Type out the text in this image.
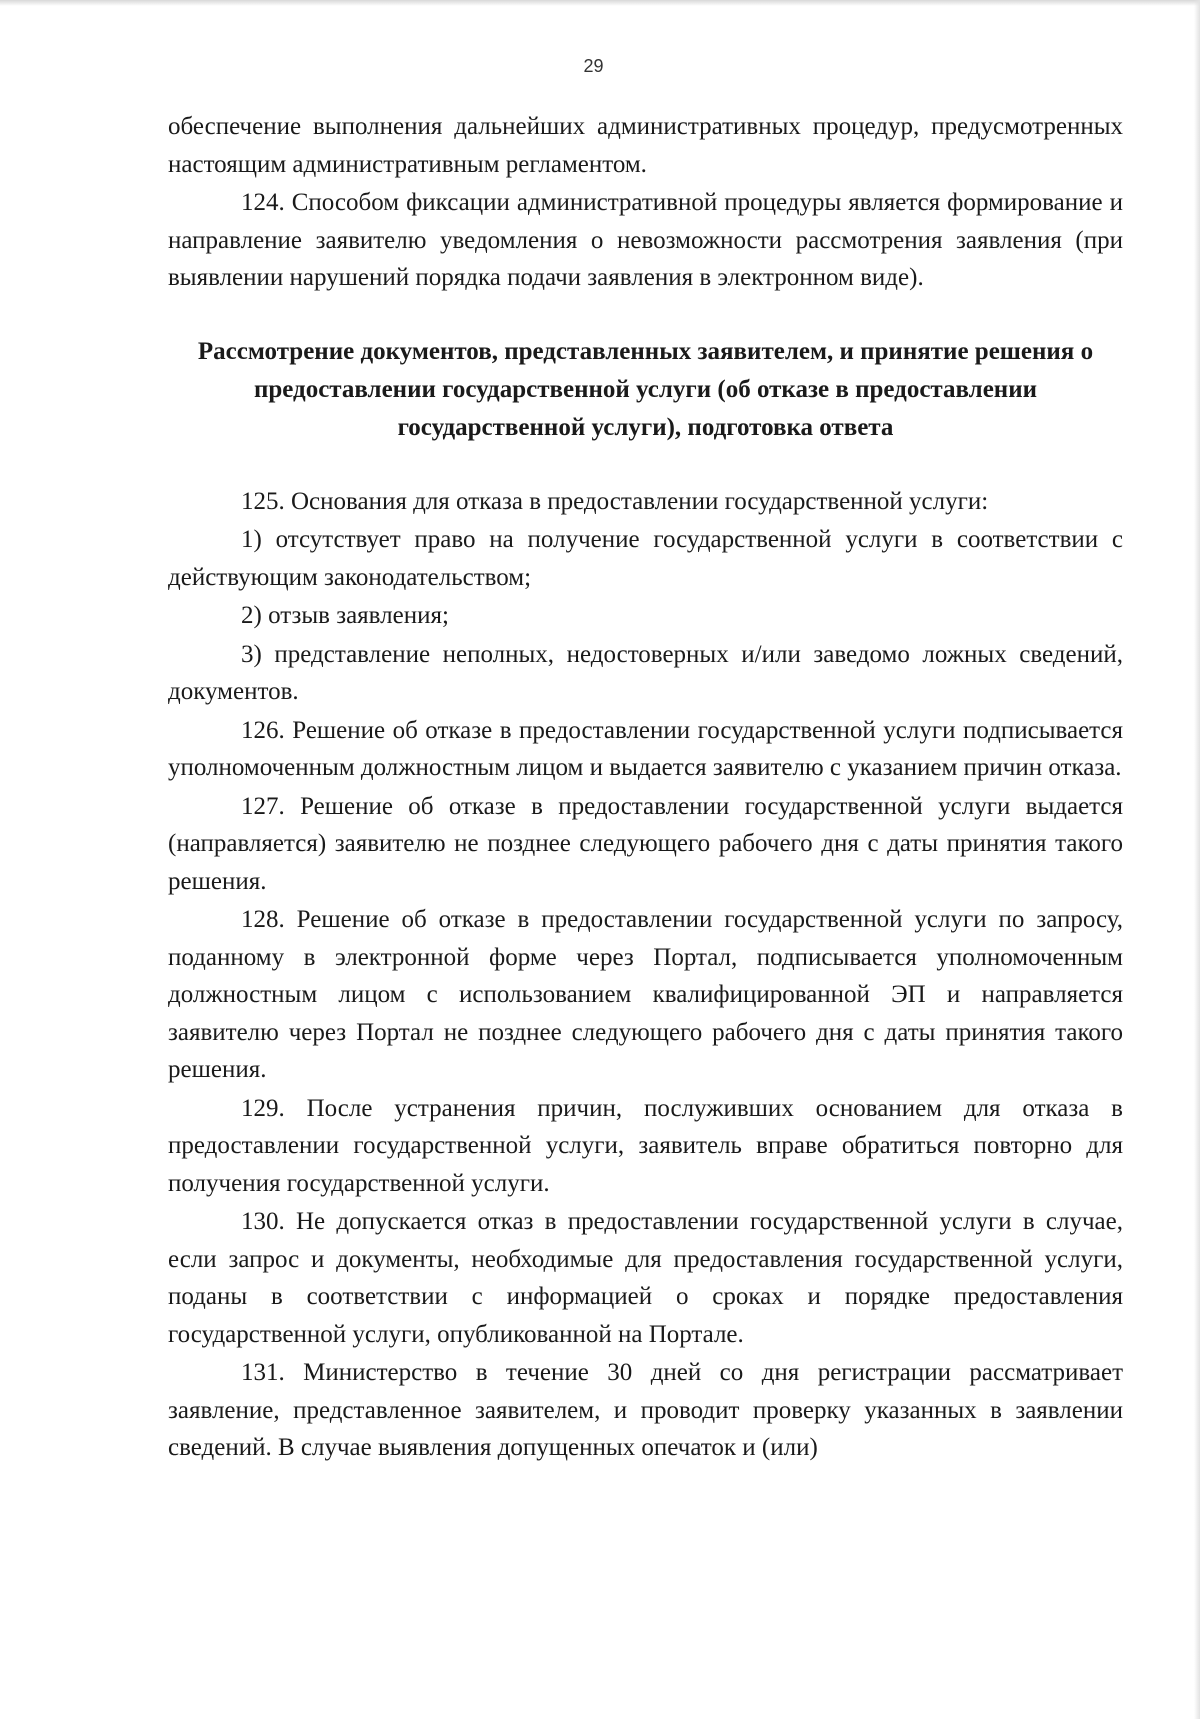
29

обеспечение выполнения дальнейших административных процедур, предусмотренных настоящим административным регламентом.

124. Способом фиксации административной процедуры является формирование и направление заявителю уведомления о невозможности рассмотрения заявления (при выявлении нарушений порядка подачи заявления в электронном виде).

Рассмотрение документов, представленных заявителем, и принятие решения о предоставлении государственной услуги (об отказе в предоставлении государственной услуги), подготовка ответа

125. Основания для отказа в предоставлении государственной услуги:

1) отсутствует право на получение государственной услуги в соответствии с действующим законодательством;

2) отзыв заявления;

3) представление неполных, недостоверных и/или заведомо ложных сведений, документов.

126. Решение об отказе в предоставлении государственной услуги подписывается уполномоченным должностным лицом и выдается заявителю с указанием причин отказа.

127. Решение об отказе в предоставлении государственной услуги выдается (направляется) заявителю не позднее следующего рабочего дня с даты принятия такого решения.

128. Решение об отказе в предоставлении государственной услуги по запросу, поданному в электронной форме через Портал, подписывается уполномоченным должностным лицом с использованием квалифицированной ЭП и направляется заявителю через Портал не позднее следующего рабочего дня с даты принятия такого решения.

129. После устранения причин, послуживших основанием для отказа в предоставлении государственной услуги, заявитель вправе обратиться повторно для получения государственной услуги.

130. Не допускается отказ в предоставлении государственной услуги в случае, если запрос и документы, необходимые для предоставления государственной услуги, поданы в соответствии с информацией о сроках и порядке предоставления государственной услуги, опубликованной на Портале.

131. Министерство в течение 30 дней со дня регистрации рассматривает заявление, представленное заявителем, и проводит проверку указанных в заявлении сведений. В случае выявления допущенных опечаток и (или)
